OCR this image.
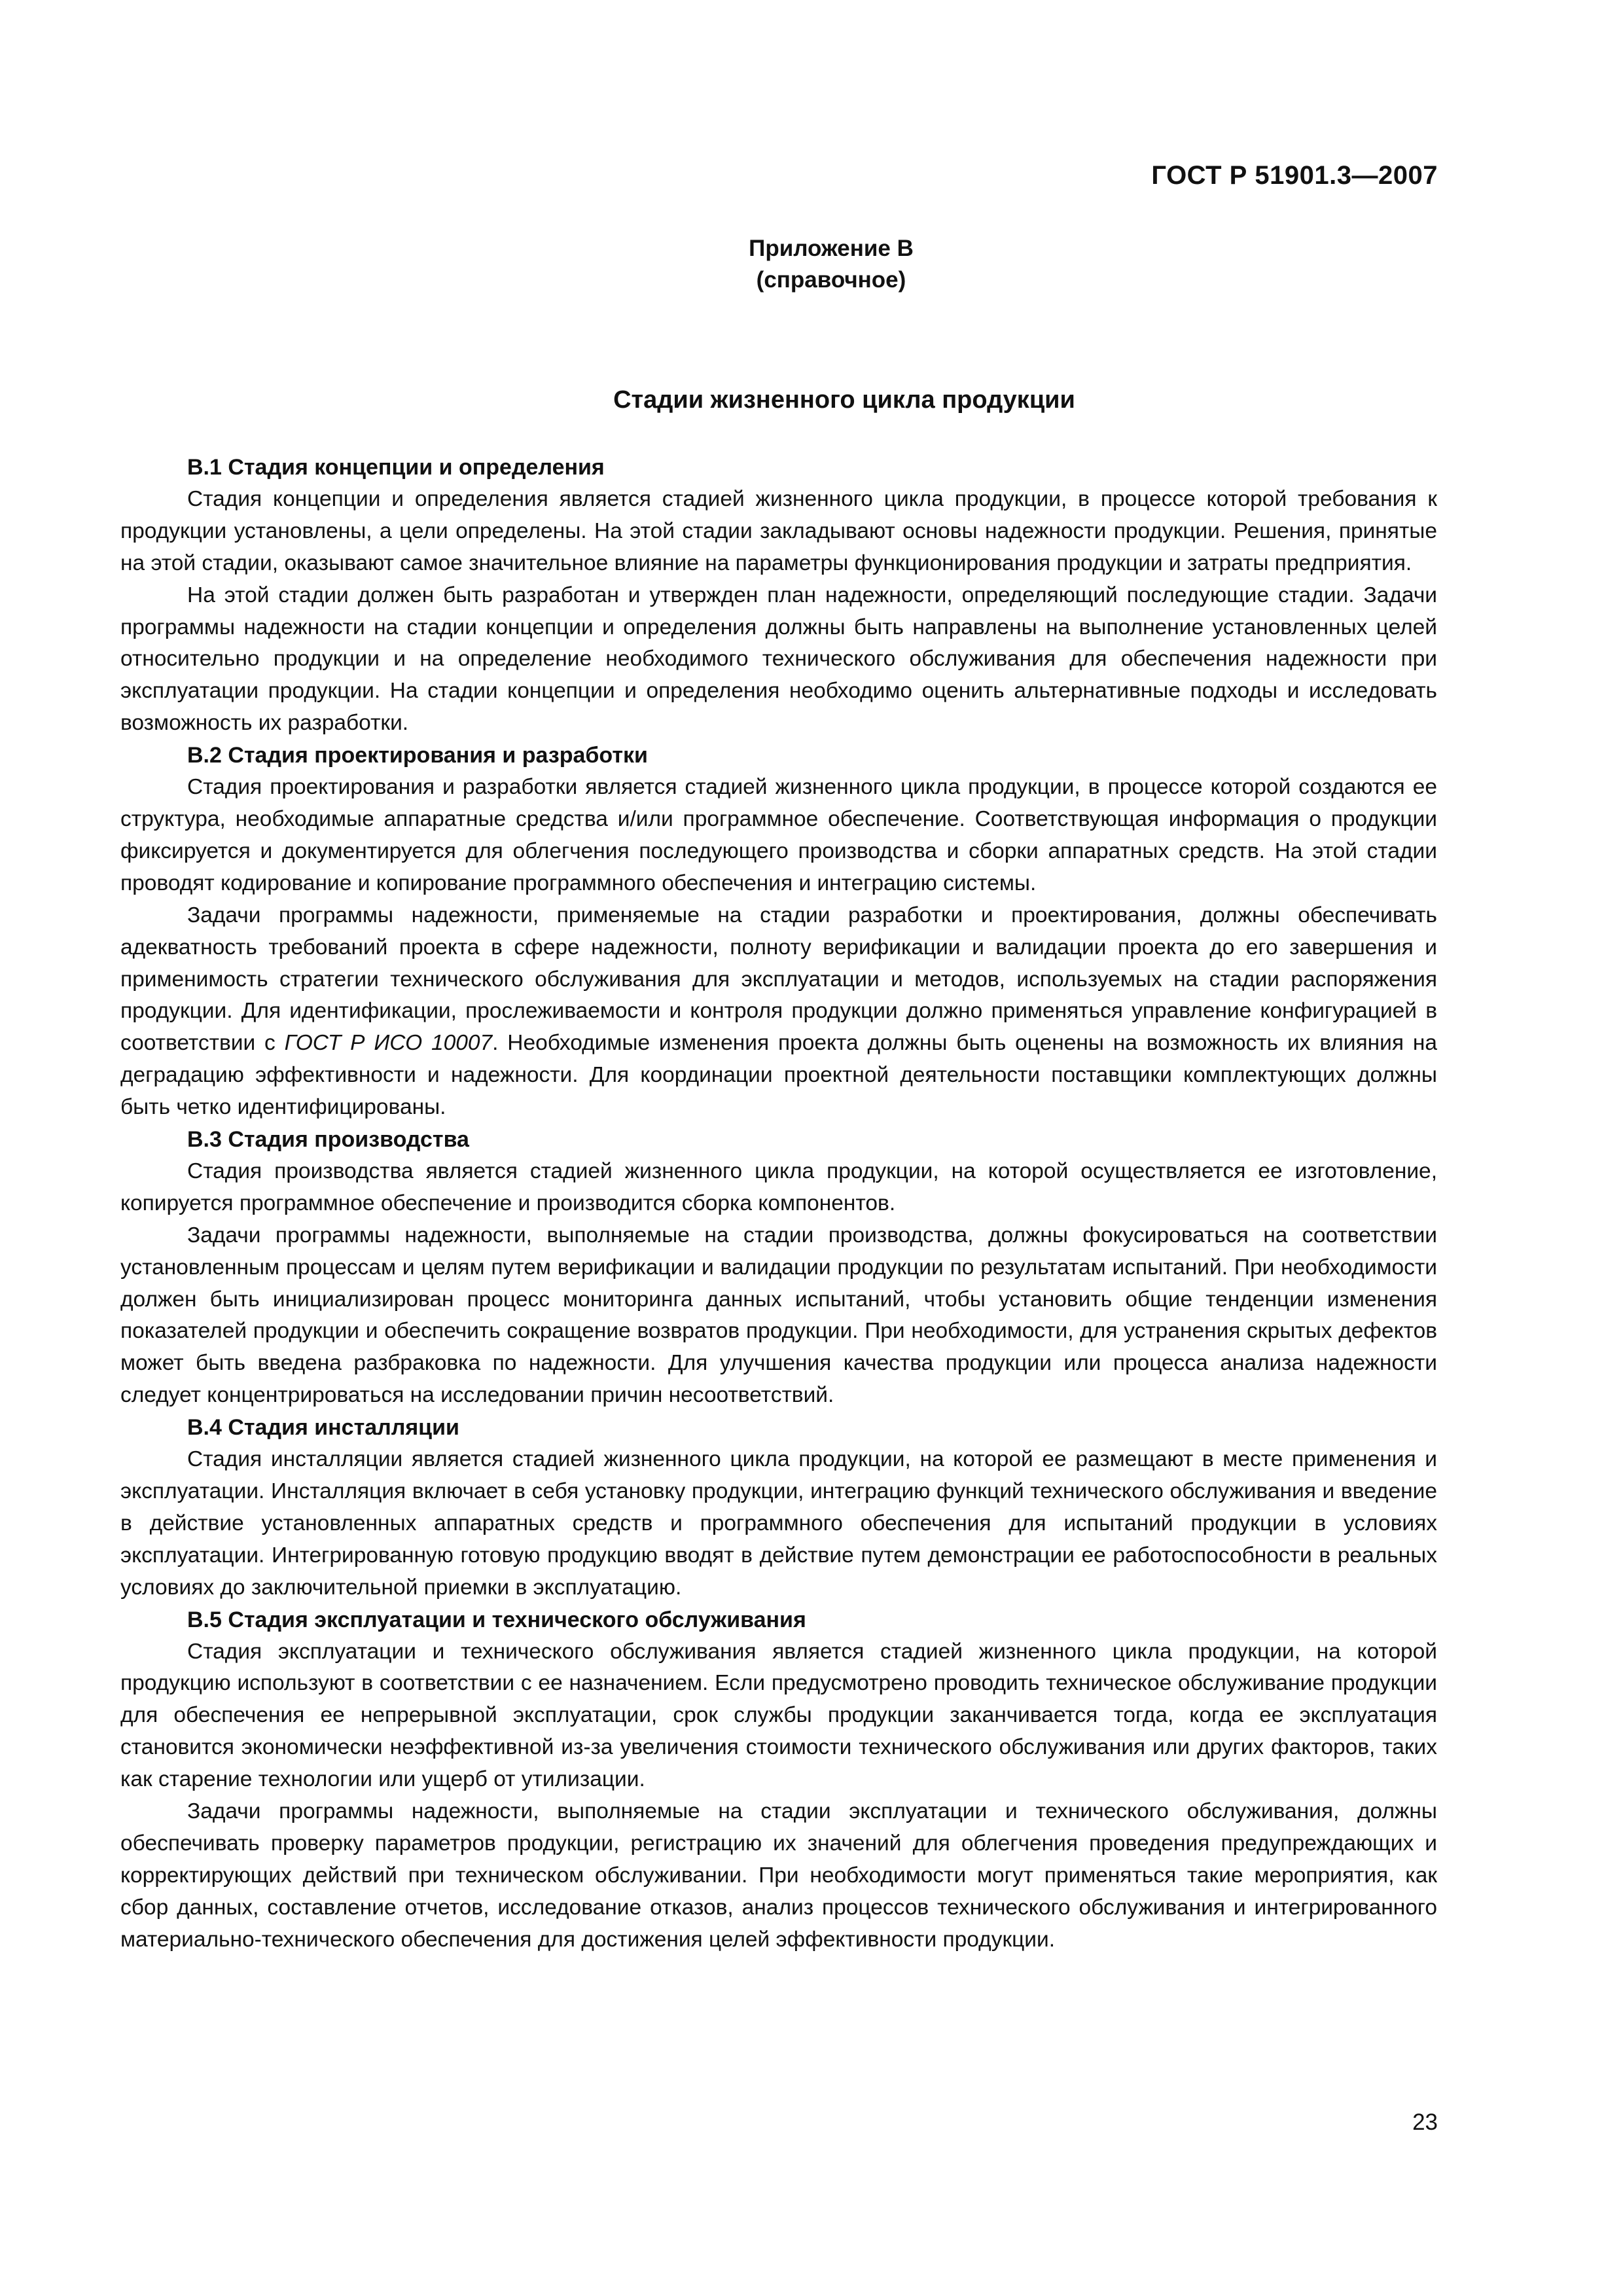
ГОСТ Р 51901.3—2007
Приложение В
(справочное)
Стадии жизненного цикла продукции
В.1 Стадия концепции и определения

Стадия концепции и определения является стадией жизненного цикла продукции, в процессе которой требования к продукции установлены, а цели определены. На этой стадии закладывают основы надежности продукции. Решения, принятые на этой стадии, оказывают самое значительное влияние на параметры функционирования продукции и затраты предприятия.

На этой стадии должен быть разработан и утвержден план надежности, определяющий последующие стадии. Задачи программы надежности на стадии концепции и определения должны быть направлены на выполнение установленных целей относительно продукции и на определение необходимого технического обслуживания для обеспечения надежности при эксплуатации продукции. На стадии концепции и определения необходимо оценить альтернативные подходы и исследовать возможность их разработки.

В.2 Стадия проектирования и разработки

Стадия проектирования и разработки является стадией жизненного цикла продукции, в процессе которой создаются ее структура, необходимые аппаратные средства и/или программное обеспечение. Соответствующая информация о продукции фиксируется и документируется для облегчения последующего производства и сборки аппаратных средств. На этой стадии проводят кодирование и копирование программного обеспечения и интеграцию системы.

Задачи программы надежности, применяемые на стадии разработки и проектирования, должны обеспечивать адекватность требований проекта в сфере надежности, полноту верификации и валидации проекта до его завершения и применимость стратегии технического обслуживания для эксплуатации и методов, используемых на стадии распоряжения продукции. Для идентификации, прослеживаемости и контроля продукции должно применяться управление конфигурацией в соответствии с ГОСТ Р ИСО 10007. Необходимые изменения проекта должны быть оценены на возможность их влияния на деградацию эффективности и надежности. Для координации проектной деятельности поставщики комплектующих должны быть четко идентифицированы.

В.3 Стадия производства

Стадия производства является стадией жизненного цикла продукции, на которой осуществляется ее изготовление, копируется программное обеспечение и производится сборка компонентов.

Задачи программы надежности, выполняемые на стадии производства, должны фокусироваться на соответствии установленным процессам и целям путем верификации и валидации продукции по результатам испытаний. При необходимости должен быть инициализирован процесс мониторинга данных испытаний, чтобы установить общие тенденции изменения показателей продукции и обеспечить сокращение возвратов продукции. При необходимости, для устранения скрытых дефектов может быть введена разбраковка по надежности. Для улучшения качества продукции или процесса анализа надежности следует концентрироваться на исследовании причин несоответствий.

В.4 Стадия инсталляции

Стадия инсталляции является стадией жизненного цикла продукции, на которой ее размещают в месте применения и эксплуатации. Инсталляция включает в себя установку продукции, интеграцию функций технического обслуживания и введение в действие установленных аппаратных средств и программного обеспечения для испытаний продукции в условиях эксплуатации. Интегрированную готовую продукцию вводят в действие путем демонстрации ее работоспособности в реальных условиях до заключительной приемки в эксплуатацию.

В.5 Стадия эксплуатации и технического обслуживания

Стадия эксплуатации и технического обслуживания является стадией жизненного цикла продукции, на которой продукцию используют в соответствии с ее назначением. Если предусмотрено проводить техническое обслуживание продукции для обеспечения ее непрерывной эксплуатации, срок службы продукции заканчивается тогда, когда ее эксплуатация становится экономически неэффективной из-за увеличения стоимости технического обслуживания или других факторов, таких как старение технологии или ущерб от утилизации.

Задачи программы надежности, выполняемые на стадии эксплуатации и технического обслуживания, должны обеспечивать проверку параметров продукции, регистрацию их значений для облегчения проведения предупреждающих и корректирующих действий при техническом обслуживании. При необходимости могут применяться такие мероприятия, как сбор данных, составление отчетов, исследование отказов, анализ процессов технического обслуживания и интегрированного материально-технического обеспечения для достижения целей эффективности продукции.

23
